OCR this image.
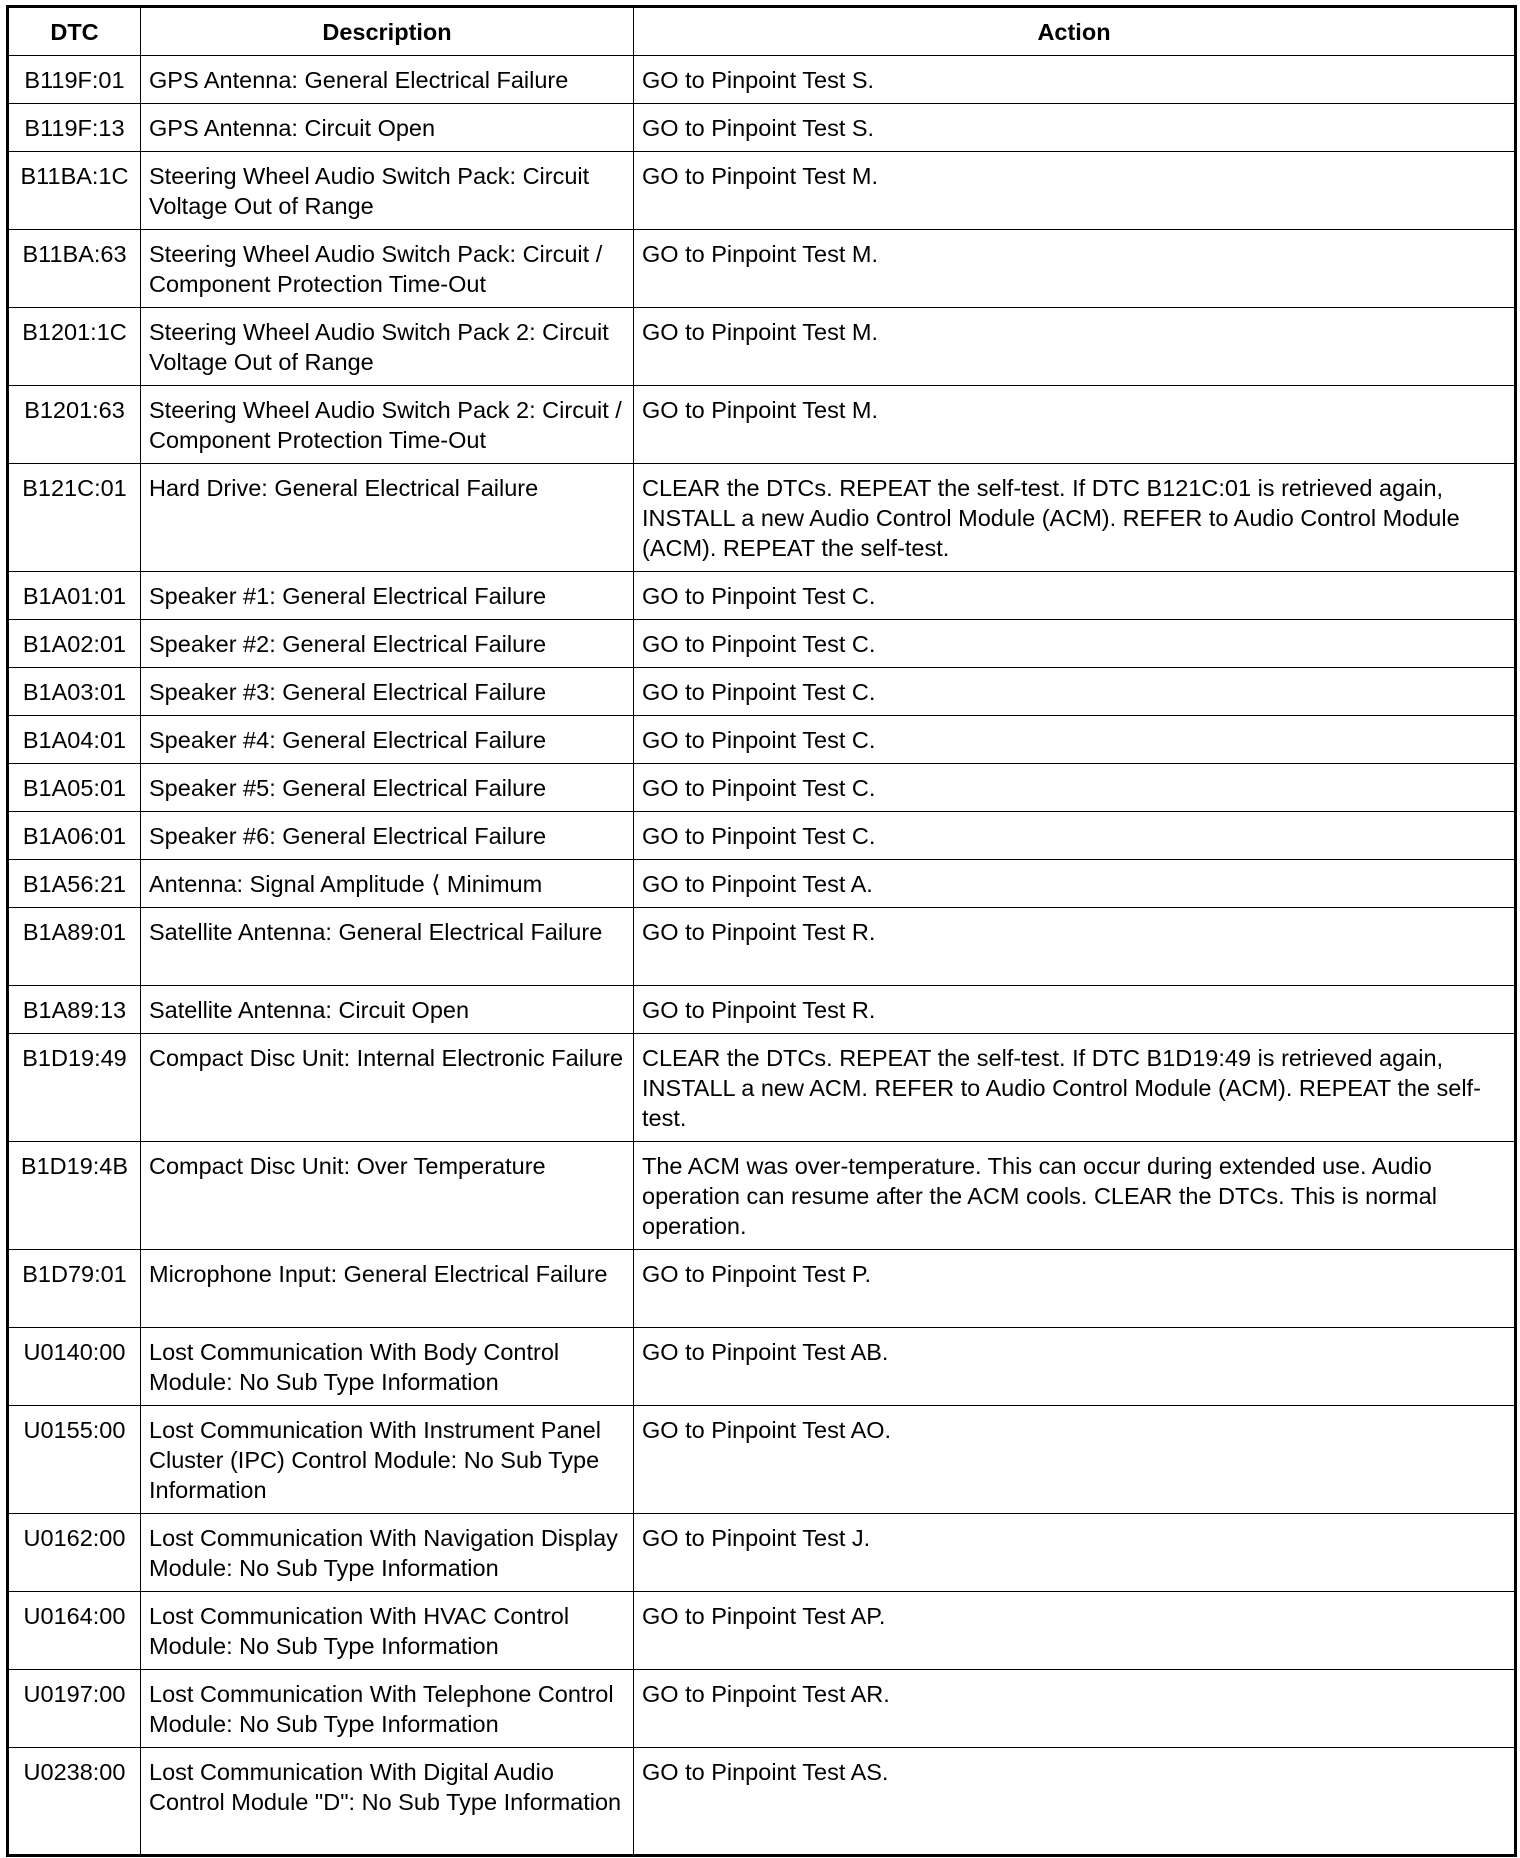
DTC	Description	Action
B119F:01	GPS Antenna: General Electrical Failure	GO to Pinpoint Test S.
B119F:13	GPS Antenna: Circuit Open	GO to Pinpoint Test S.
B11BA:1C	Steering Wheel Audio Switch Pack: Circuit Voltage Out of Range	GO to Pinpoint Test M.
B11BA:63	Steering Wheel Audio Switch Pack: Circuit / Component Protection Time-Out	GO to Pinpoint Test M.
B1201:1C	Steering Wheel Audio Switch Pack 2: Circuit Voltage Out of Range	GO to Pinpoint Test M.
B1201:63	Steering Wheel Audio Switch Pack 2: Circuit / Component Protection Time-Out	GO to Pinpoint Test M.
B121C:01	Hard Drive: General Electrical Failure	CLEAR the DTCs. REPEAT the self-test. If DTC B121C:01 is retrieved again, INSTALL a new Audio Control Module (ACM). REFER to Audio Control Module (ACM). REPEAT the self-test.
B1A01:01	Speaker #1: General Electrical Failure	GO to Pinpoint Test C.
B1A02:01	Speaker #2: General Electrical Failure	GO to Pinpoint Test C.
B1A03:01	Speaker #3: General Electrical Failure	GO to Pinpoint Test C.
B1A04:01	Speaker #4: General Electrical Failure	GO to Pinpoint Test C.
B1A05:01	Speaker #5: General Electrical Failure	GO to Pinpoint Test C.
B1A06:01	Speaker #6: General Electrical Failure	GO to Pinpoint Test C.
B1A56:21	Antenna: Signal Amplitude ⟨ Minimum	GO to Pinpoint Test A.
B1A89:01	Satellite Antenna: General Electrical Failure	GO to Pinpoint Test R.
B1A89:13	Satellite Antenna: Circuit Open	GO to Pinpoint Test R.
B1D19:49	Compact Disc Unit: Internal Electronic Failure	CLEAR the DTCs. REPEAT the self-test. If DTC B1D19:49 is retrieved again, INSTALL a new ACM. REFER to Audio Control Module (ACM). REPEAT the self-test.
B1D19:4B	Compact Disc Unit: Over Temperature	The ACM was over-temperature. This can occur during extended use. Audio operation can resume after the ACM cools. CLEAR the DTCs. This is normal operation.
B1D79:01	Microphone Input: General Electrical Failure	GO to Pinpoint Test P.
U0140:00	Lost Communication With Body Control Module: No Sub Type Information	GO to Pinpoint Test AB.
U0155:00	Lost Communication With Instrument Panel Cluster (IPC) Control Module: No Sub Type Information	GO to Pinpoint Test AO.
U0162:00	Lost Communication With Navigation Display Module: No Sub Type Information	GO to Pinpoint Test J.
U0164:00	Lost Communication With HVAC Control Module: No Sub Type Information	GO to Pinpoint Test AP.
U0197:00	Lost Communication With Telephone Control Module: No Sub Type Information	GO to Pinpoint Test AR.
U0238:00	Lost Communication With Digital Audio Control Module "D": No Sub Type Information	GO to Pinpoint Test AS.
